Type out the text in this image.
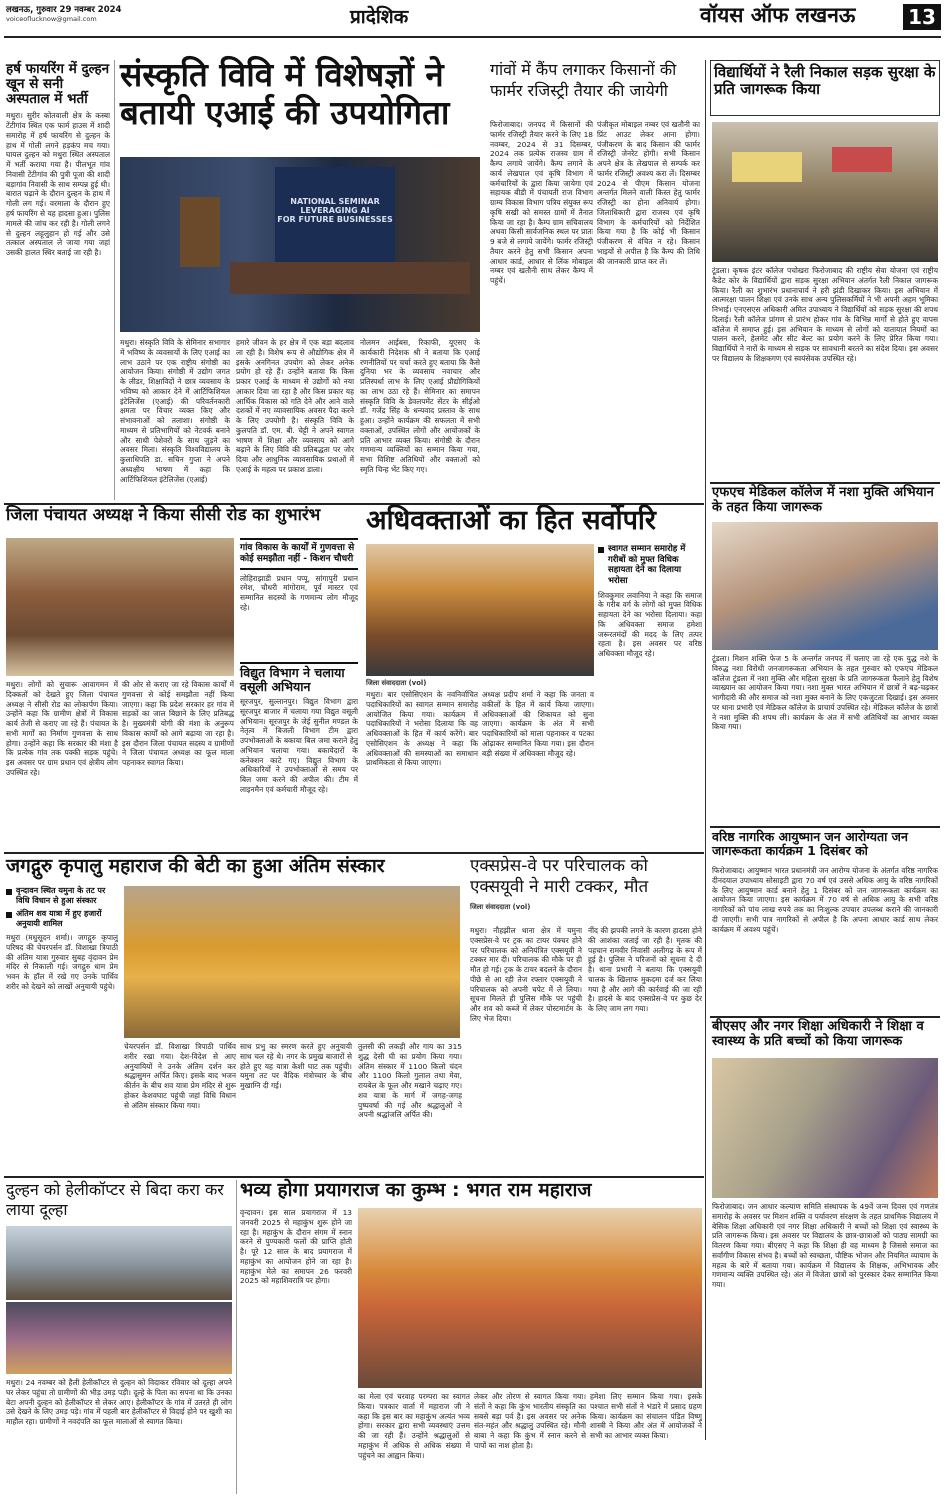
लखनऊ, गुरुवार 29 नवम्बर 2024
voiceoflucknow@gmail.com	प्रादेशिक	वॉयस ऑफ लखनऊ	13
हर्ष फायरिंग में दुल्हन खून से सनी अस्पताल में भर्ती
मथुरा। सुरीर कोतवाली क्षेत्र के कस्बा टेंटीगांव स्थित एक फार्म हाउस में शादी समारोह में हर्ष फायरिंग से दुल्हन के हाथ में गोली लगने हड़कंप मच गया। घायल दुल्हन को मथुरा स्थित अस्पताल में भर्ती कराया गया है। पीलभूत गांव निवासी टेंटीगांव की पुत्री पूजा की शादी बड़ागांव निवासी के साथ सम्पन्न हुई थी। बारात चढ़ाने के दौरान दुल्हन के हाथ में गोली लग गई। वरमाला के दौरान हुए हर्ष फायरिंग से यह हादसा हुआ। पुलिस मामले की जांच कर रही है। गोली लगने से दुल्हन लहूलुहान हो गई और उसे तत्काल अस्पताल ले जाया गया जहां उसकी हालत स्थिर बताई जा रही है।
संस्कृति विवि में विशेषज्ञों ने बतायी एआई की उपयोगिता
NATIONAL SEMINAR
LEVERAGING AI
FOR FUTURE BUSINESSES
मथुरा। संस्कृति विवि के सेमिनार सभागार में भविष्य के व्यवसायों के लिए एआई का लाभ उठाने पर एक राष्ट्रीय संगोष्ठी का आयोजन किया। संगोष्ठी में उद्योग जगत के लीडर, शिक्षाविदों ने छात्र व्यवसाय के भविष्य को आकार देने में आर्टिफिशियल इंटेलिजेंस (एआई) की परिवर्तनकारी क्षमता पर विचार व्यक्त किए और संभावनाओं को तलाशा। संगोष्ठी के माध्यम से प्रतिभागियों को नेटवर्क बनाने और साथी पेशेवरों के साथ जुड़ने का अवसर मिला। संस्कृति विश्वविद्यालय के कुलाधिपति डा. सचिन गुप्ता ने अपने अध्यक्षीय भाषण में कहा कि आर्टिफिशियल इंटेलिजेंस (एआई)
हमारे जीवन के हर क्षेत्र में एक बड़ा बदलाव ला रही है। विशेष रूप से औद्योगिक क्षेत्र में इसके अनगिनत उपयोग को लेकर अनेक प्रयोग हो रहे हैं। उन्होंने बताया कि किस प्रकार एआई के माध्यम से उद्योगों को नया आकार दिया जा रहा है और किस प्रकार यह आर्थिक विकास को गति देने और आने वाले दशकों में नए व्यावसायिक अवसर पैदा करने के लिए उपयोगी है। संस्कृति विवि के कुलपति डॉ. एम. बी. चेट्टी ने अपने स्वागत भाषण में शिक्षा और व्यवसाय को आगे बढ़ाने के लिए विवि की प्रतिबद्धता पर जोर दिया और आधुनिक व्यावसायिक प्रथाओं में एआई के महत्व पर प्रकाश डाला।
नोलमन आईबस, रिकाफी, यूएसए के कार्यकारी निदेशक श्री ने बताया कि एआई रणनीतियों पर चर्चा करते हुए बताया कि कैसे दुनिया भर के व्यवसाय नवाचार और प्रतिस्पर्धा लाभ के लिए एआई प्रौद्योगिकियों का लाभ उठा रहे हैं। सेमिनार का समापन संस्कृति विवि के डेवलपमेंट सेंटर के सीईओ डॉ. गजेंद्र सिंह के धन्यवाद प्रस्ताव के साथ हुआ। उन्होंने कार्यक्रम की सफलता में सभी वक्ताओं, उपस्थित लोगों और आयोजकों के प्रति आभार व्यक्त किया। संगोष्ठी के दौरान गणमान्य व्यक्तियों का सम्मान किया गया, सभा विशिष्ट अतिथियों और वक्ताओं को स्मृति चिन्ह भेंट किए गए।
गांवों में कैंप लगाकर किसानों की फार्मर रजिस्ट्री तैयार की जायेगी
फिरोजाबाद। जनपद में किसानों की फार्मर रजिस्ट्री तैयार करने के लिए 18 नवम्बर, 2024 से 31 दिसम्बर, 2024 तक प्रत्येक राजस्व ग्राम में कैम्प लगाये जायेंगे। कैम्प लगाने के कार्य लेखपाल एवं कृषि विभाग में कर्मचारियों के द्वारा किया जायेगा एवं सहायक बीडी में पंचायती राज विभाग ग्राम्य विकास विभाग पत्रिय संयुक्त रूप कृषि सखी को समस्त ग्रामों में तैनात किया जा रहा है। कैम्प ग्राम सचिवालय अथवा किसी सार्वजनिक स्थल पर प्रातः 9 बजे से लगाये जायेंगे। फार्मर रजिस्ट्री तैयार करने हेतु सभी किसान अपना आधार कार्ड, आधार से लिंक मोबाइल नम्बर एवं खतौनी साथ लेकर कैम्प में पहुंचें।
पंजीकृत मोबाइल नम्बर एवं खतौनी का प्रिंट आउट लेकर आना होगा। पंजीकरण के बाद किसान की फार्मर रजिस्ट्री जेनरेट होगी। सभी किसान अपने क्षेत्र के लेखपाल से सम्पर्क कर फार्मर रजिस्ट्री अवश्य करा लें। दिसम्बर 2024 से पीएम किसान योजना अन्तर्गत मिलने वाली किस्त हेतु फार्मर रजिस्ट्री का होना अनिवार्य होगा। जिलाधिकारी द्वारा राजस्व एवं कृषि विभाग के कर्मचारियों को निर्देशित किया गया है कि कोई भी किसान पंजीकरण से वंचित न रहे। किसान भाइयों से अपील है कि कैम्प की तिथि की जानकारी प्राप्त कर लें।
विद्यार्थियों ने रैली निकाल सड़क सुरक्षा के प्रति जागरूक किया
टूंडला। कृषक इंटर कॉलेज पचोखरा फिरोजाबाद की राष्ट्रीय सेवा योजना एवं राष्ट्रीय कैडेट कोर के विद्यार्थियों द्वारा सड़क सुरक्षा अभियान अंतर्गत रैली निकाल जागरूक किया। रैली का शुभारंभ प्रधानाचार्य ने हरी झंडी दिखाकर किया। इस अभियान में आत्मरक्षा पालन शिक्षा एवं उनके साथ अन्य पुलिसकर्मियों ने भी अपनी अहम भूमिका निभाई। एनएसएस अधिकारी अमित उपाध्याय ने विद्यार्थियों को सड़क सुरक्षा की शपथ दिलाई। रैली कॉलेज प्रांगण से प्रारंभ होकर गांव के विभिन्न मार्गों से होते हुए वापस कॉलेज में समाप्त हुई। इस अभियान के माध्यम से लोगों को यातायात नियमों का पालन करने, हेलमेट और सीट बेल्ट का प्रयोग करने के लिए प्रेरित किया गया। विद्यार्थियों ने नारों के माध्यम से सड़क पर सावधानी बरतने का संदेश दिया। इस अवसर पर विद्यालय के शिक्षकगण एवं स्वयंसेवक उपस्थित रहे।
एफएच मेडिकल कॉलेज में नशा मुक्ति अभियान के तहत किया जागरूक
टूंडला। मिशन शक्ति फेज 5 के अन्तर्गत जनपद में चलाए जा रहे एक युद्ध नशे के विरुद्ध नशा विरोधी जनजागरूकता अभियान के तहत गुरुवार को एफएच मेडिकल कॉलेज टूंडला में नशा मुक्ति और महिला सुरक्षा के प्रति जागरूकता फैलाने हेतु विशेष व्याख्यान का आयोजन किया गया। नशा मुक्त भारत अभियान में छात्रों ने बढ़-चढ़कर भागीदारी की और समाज को नशा मुक्त बनाने के लिए एकजुटता दिखाई। इस अवसर पर थाना प्रभारी एवं मेडिकल कॉलेज के प्राचार्य उपस्थित रहे। मेडिकल कॉलेज के छात्रों ने नशा मुक्ति की शपथ ली। कार्यक्रम के अंत में सभी अतिथियों का आभार व्यक्त किया गया।
वरिष्ठ नागरिक आयुष्मान जन आरोग्यता जन जागरूकता कार्यक्रम 1 दिसंबर को
फिरोजाबाद। आयुष्मान भारत प्रधानमंत्री जन आरोग्य योजना के अंतर्गत वरिष्ठ नागरिक दीनदयाल उपाध्याय सोसाइटी द्वारा 70 वर्ष एवं उससे अधिक आयु के वरिष्ठ नागरिकों के लिए आयुष्मान कार्ड बनाने हेतु 1 दिसंबर को जन जागरूकता कार्यक्रम का आयोजन किया जाएगा। इस कार्यक्रम में 70 वर्ष से अधिक आयु के सभी वरिष्ठ नागरिकों को पांच लाख रुपये तक का निःशुल्क उपचार उपलब्ध कराने की जानकारी दी जाएगी। सभी पात्र नागरिकों से अपील है कि अपना आधार कार्ड साथ लेकर कार्यक्रम में अवश्य पहुंचें।
बीएसए और नगर शिक्षा अधिकारी ने शिक्षा व स्वास्थ्य के प्रति बच्चों को किया जागरूक
फिरोजाबाद। जन आधार कल्याण समिति संस्थापक के 49वें जन्म दिवस एवं गणतंत्र समारोह के अवसर पर मिशन शक्ति व पर्यावरण संरक्षण के तहत प्राथमिक विद्यालय में बेसिक शिक्षा अधिकारी एवं नगर शिक्षा अधिकारी ने बच्चों को शिक्षा एवं स्वास्थ्य के प्रति जागरूक किया। इस अवसर पर विद्यालय के छात्र-छात्राओं को पाठ्य सामग्री का वितरण किया गया। बीएसए ने कहा कि शिक्षा ही वह माध्यम है जिससे समाज का सर्वांगीण विकास संभव है। बच्चों को स्वच्छता, पौष्टिक भोजन और नियमित व्यायाम के महत्व के बारे में बताया गया। कार्यक्रम में विद्यालय के शिक्षक, अभिभावक और गणमान्य व्यक्ति उपस्थित रहे। अंत में विजेता छात्रों को पुरस्कार देकर सम्मानित किया गया।
जिला पंचायत अध्यक्ष ने किया सीसी रोड का शुभारंभ
गांव विकास के कार्यों में गुणवत्ता से कोई समझौता नहीं - किशन चौधरी
लोहिराझाडी प्रधान पप्पू, सांगापुरी प्रधान रमेश, चौधरी मांगोराम, पूर्व मास्टर एवं सम्मानित सदस्यों के गणमान्य लोग मौजूद रहे।
मथुरा। लोगों को सुचारू आवागमन में दिक्कतों को देखते हुए जिला पंचायत अध्यक्ष ने सीसी रोड का लोकार्पण किया। उन्होंने कहा कि ग्रामीण क्षेत्रों में विकास कार्य तेजी से कराए जा रहे हैं। पंचायत के सभी मार्गों का निर्माण गुणवत्ता के साथ होगा। उन्होंने कहा कि सरकार की मंशा है कि प्रत्येक गांव तक पक्की सड़क पहुंचे। इस अवसर पर ग्राम प्रधान एवं क्षेत्रीय लोग उपस्थित रहे।
की ओर से कराए जा रहे विकास कार्यों में गुणवत्ता से कोई समझौता नहीं किया जाएगा। कहा कि प्रदेश सरकार हर गांव में सड़कों का जाल बिछाने के लिए प्रतिबद्ध है। मुख्यमंत्री योगी की मंशा के अनुरूप विकास कार्यों को आगे बढ़ाया जा रहा है। इस दौरान जिला पंचायत सदस्य व ग्रामीणों ने जिला पंचायत अध्यक्ष का फूल माला पहनाकर स्वागत किया।
विद्युत विभाग ने चलाया वसूली अभियान
सूरजपुर, सुल्तानपुर। विद्युत विभाग द्वारा सूरजपुर बाजार में चलाया गया विद्युत वसूली अभियान। सूरजपुर के जेई सुनील मण्डल के नेतृत्व में बिजली विभाग टीम द्वारा उपभोक्ताओं के बकाया बिल जमा कराने हेतु अभियान चलाया गया। बकायेदारों के कनेक्शन काटे गए। विद्युत विभाग के अधिकारियों ने उपभोक्ताओं से समय पर बिल जमा करने की अपील की। टीम में लाइनमैन एवं कर्मचारी मौजूद रहे।
अधिवक्ताओं का हित सर्वोपरि
जिला संवाददाता (vol)
स्वागत सम्मान समारोह में गरीबों को मुफ्त विधिक सहायता देने का दिलाया भरोसा
शिवकुमार लवानिया ने कहा कि समाज के गरीब वर्ग के लोगों को मुफ्त विधिक सहायता देने का भरोसा दिलाया। कहा कि अधिवक्ता समाज हमेशा जरूरतमंदों की मदद के लिए तत्पर रहता है। इस अवसर पर वरिष्ठ अधिवक्ता मौजूद रहे।
मथुरा। बार एसोसिएशन के नवनिर्वाचित पदाधिकारियों का स्वागत सम्मान समारोह आयोजित किया गया। कार्यक्रम में पदाधिकारियों ने भरोसा दिलाया कि वह अधिवक्ताओं के हित में कार्य करेंगे। बार एसोसिएशन के अध्यक्ष ने कहा कि अधिवक्ताओं की समस्याओं का समाधान प्राथमिकता से किया जाएगा।
अध्यक्ष प्रदीप शर्मा ने कहा कि जनता व वकीलों के हित में कार्य किया जाएगा। अधिवक्ताओं की शिकायत को सुना जाएगा। कार्यक्रम के अंत में सभी पदाधिकारियों को माला पहनाकर व पटका ओढ़ाकर सम्मानित किया गया। इस दौरान बड़ी संख्या में अधिवक्ता मौजूद रहे।
जगद्गुरु कृपालु महाराज की बेटी का हुआ अंतिम संस्कार
वृन्दावन स्थित यमुना के तट पर विधि विधान से हुआ संस्कार
अंतिम शव यात्रा में हुए हजारों अनुयायी शामिल
मथुरा (मधुसूदन शर्मा)। जगद्गुरु कृपालु परिषद की चेयरपर्सन डॉ. विशाखा त्रिपाठी की अंतिम यात्रा गुरुवार सुबह वृंदावन प्रेम मंदिर से निकाली गई। जगद्गुरु धाम प्रेम भवन के हॉल में रखे गए उनके पार्थिव शरीर को देखने को लाखों अनुयायी पहुंचे।
चेयरपर्सन डॉ. विशाखा त्रिपाठी पार्थिव शरीर रखा गया। देश-विदेश से आए अनुयायियों ने उनके अंतिम दर्शन कर श्रद्धासुमन अर्पित किए। इसके बाद भजन कीर्तन के बीच शव यात्रा प्रेम मंदिर से शुरू होकर केशवघाट पहुंची जहां विधि विधान से अंतिम संस्कार किया गया।
साथ प्रभु का स्मरण करते हुए अनुयायी साथ चल रहे थे। नगर के प्रमुख बाजारों से होते हुए यह यात्रा केशी घाट तक पहुंची। यमुना तट पर वैदिक मंत्रोच्चार के बीच मुखाग्नि दी गई।
तुलसी की लकड़ी और गाय का 315 शुद्ध देसी घी का प्रयोग किया गया। अंतिम संस्कार में 1100 किलो चंदन और 1100 किलो गुलाल तथा मेवा, रायबेल के फूल और मखाने चढ़ाए गए। शव यात्रा के मार्ग में जगह-जगह पुष्पवर्षा की गई और श्रद्धालुओं ने अपनी श्रद्धांजलि अर्पित की।
एक्सप्रेस-वे पर परिचालक को एक्सयूवी ने मारी टक्कर, मौत
जिला संवाददाता (vol)
मथुरा। नौहझील थाना क्षेत्र में यमुना एक्सप्रेस-वे पर ट्रक का टायर पंक्चर होने पर परिचालक को अनियंत्रित एक्सयूवी ने टक्कर मार दी। परिचालक की मौके पर ही मौत हो गई। ट्रक के टायर बदलने के दौरान पीछे से आ रही तेज रफ्तार एक्सयूवी ने परिचालक को अपनी चपेट में ले लिया। सूचना मिलते ही पुलिस मौके पर पहुंची और शव को कब्जे में लेकर पोस्टमार्टम के लिए भेज दिया।
नींद की झपकी लगने के कारण हादसा होने की आशंका जताई जा रही है। मृतक की पहचान रामवीर निवासी अलीगढ़ के रूप में हुई है। पुलिस ने परिजनों को सूचना दे दी है। थाना प्रभारी ने बताया कि एक्सयूवी चालक के खिलाफ मुकदमा दर्ज कर लिया गया है और आगे की कार्रवाई की जा रही है। हादसे के बाद एक्सप्रेस-वे पर कुछ देर के लिए जाम लग गया।
दुल्हन को हेलीकॉप्टर से बिदा करा कर लाया दूल्हा
मथुरा। 24 नवम्बर को हैली हेलीकॉप्टर से दुल्हन को विदाकर रविवार को दूल्हा अपने घर लेकर पहुंचा तो ग्रामीणों की भीड़ उमड़ पड़ी। दूल्हे के पिता का सपना था कि उनका बेटा अपनी दुल्हन को हेलीकॉप्टर से लेकर आए। हेलीकॉप्टर के गांव में उतरते ही लोग उसे देखने के लिए उमड़ पड़े। गांव में पहली बार हेलीकॉप्टर से विदाई होने पर खुशी का माहौल रहा। ग्रामीणों ने नवदंपति का फूल मालाओं से स्वागत किया।
भव्य होगा प्रयागराज का कुम्भ : भगत राम महाराज
वृन्दावन। इस साल प्रयागराज में 13 जनवरी 2025 से महाकुंभ शुरू होने जा रहा है। महाकुंभ के दौरान संगम में स्नान करने से पुण्यकारी फलों की प्राप्ति होती है। पूरे 12 साल के बाद प्रयागराज में महाकुंभ का आयोजन होने जा रहा है। महाकुंभ मेले का समापन 26 फरवरी 2025 को महाशिवरात्रि पर होगा।
का मेला एवं चरवाह परम्परा का स्वागत किया। पत्रकार वार्ता में महाराज जी ने कहा कि इस बार का महाकुंभ अत्यंत भव्य होगा। सरकार द्वारा सभी व्यवस्थाएं उत्तम की जा रही हैं। उन्होंने श्रद्धालुओं से महाकुंभ में अधिक से अधिक संख्या में पहुंचने का आह्वान किया।
लेकर और तोरण से स्वागत किया गया। संतों ने कहा कि कुंभ भारतीय संस्कृति का सबसे बड़ा पर्व है। इस अवसर पर अनेक संत-महंत और श्रद्धालु उपस्थित रहे। मौनी बाबा ने कहा कि कुंभ में स्नान करने से पापों का नाश होता है।
हमेशा लिए सम्मान किया गया। इसके पश्चात सभी संतों ने भंडारे में प्रसाद ग्रहण किया। कार्यक्रम का संचालन पंडित विष्णु शास्त्री ने किया और अंत में आयोजकों ने सभी का आभार व्यक्त किया।
